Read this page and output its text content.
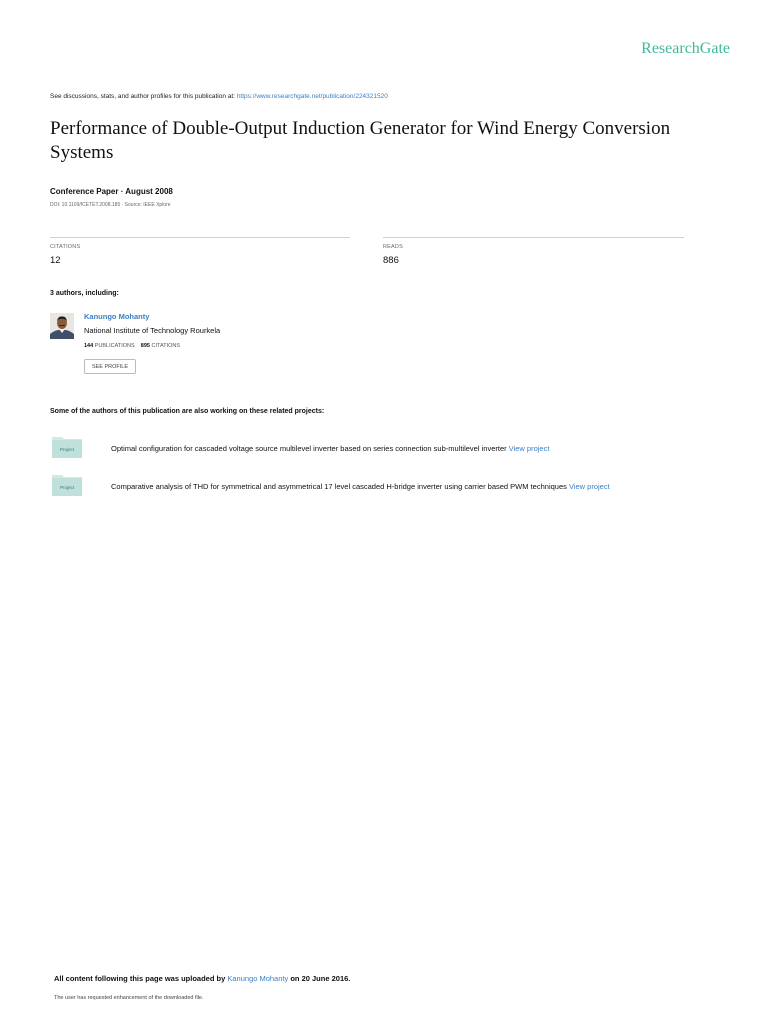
ResearchGate
See discussions, stats, and author profiles for this publication at: https://www.researchgate.net/publication/224321520
Performance of Double-Output Induction Generator for Wind Energy Conversion Systems
Conference Paper · August 2008
DOI: 10.1109/ICETET.2008.185 · Source: IEEE Xplore
CITATIONS
12
READS
886
3 authors, including:
Kanungo Mohanty
National Institute of Technology Rourkela
144 PUBLICATIONS 895 CITATIONS
SEE PROFILE
Some of the authors of this publication are also working on these related projects:
Project	Optimal configuration for cascaded voltage source multilevel inverter based on series connection sub-multilevel inverter View project
Project	Comparative analysis of THD for symmetrical and asymmetrical 17 level cascaded H-bridge inverter using carrier based PWM techniques View project
All content following this page was uploaded by Kanungo Mohanty on 20 June 2016.
The user has requested enhancement of the downloaded file.
